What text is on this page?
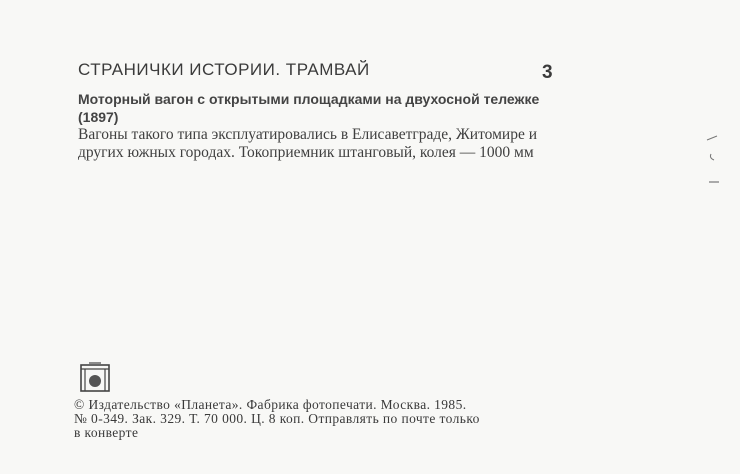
СТРАНИЧКИ ИСТОРИИ. ТРАМВАЙ	3
Моторный вагон с открытыми площадками на двухосной тележке (1897)
Вагоны такого типа эксплуатировались в Елисаветграде, Житомире и других южных городах. Токоприемник штанговый, колея — 1000 мм
© Издательство «Планета». Фабрика фотопечати. Москва. 1985.
№ 0-349. Зак. 329. Т. 70 000. Ц. 8 коп. Отправлять по почте только
в конверте
